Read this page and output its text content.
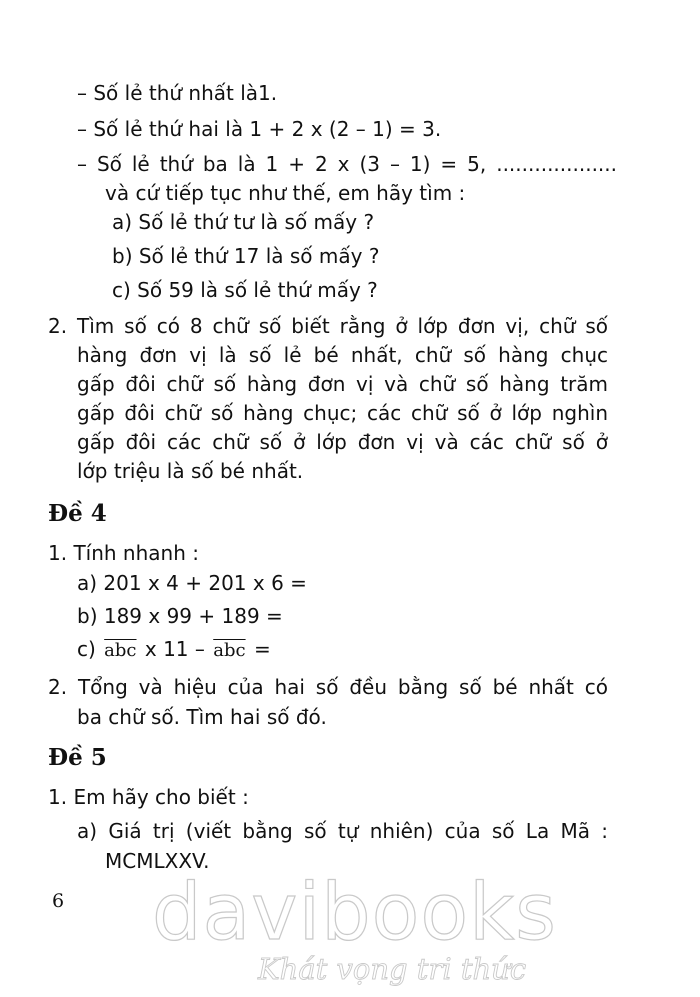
– Số lẻ thứ nhất là1.
– Số lẻ thứ hai là 1 + 2 x (2 – 1) = 3.
– Số lẻ thứ ba là 1 + 2 x (3 – 1) = 5, ...................
và cứ tiếp tục như thế, em hãy tìm :
a) Số lẻ thứ tư là số mấy ?
b) Số lẻ thứ 17 là số mấy ?
c) Số 59 là số lẻ thứ mấy ?
2. Tìm số có 8 chữ số biết rằng ở lớp đơn vị, chữ số
hàng đơn vị là số lẻ bé nhất, chữ số hàng chục
gấp đôi chữ số hàng đơn vị và chữ số hàng trăm
gấp đôi chữ số hàng chục; các chữ số ở lớp nghìn
gấp đôi các chữ số ở lớp đơn vị và các chữ số ở
lớp triệu là số bé nhất.
Đề 4
1. Tính nhanh :
a) 201 x 4 + 201 x 6 =
b) 189 x 99 + 189 =
c) $\overline{abc}$ x $11 - \overline{abc}$ =
2. Tổng và hiệu của hai số đều bằng số bé nhất có
ba chữ số. Tìm hai số đó.
Đề 5
1. Em hãy cho biết :
a) Giá trị (viết bằng số tự nhiên) của số La Mã :
MCMLXXV.
6 davibooks
Khát vọng tri thức
